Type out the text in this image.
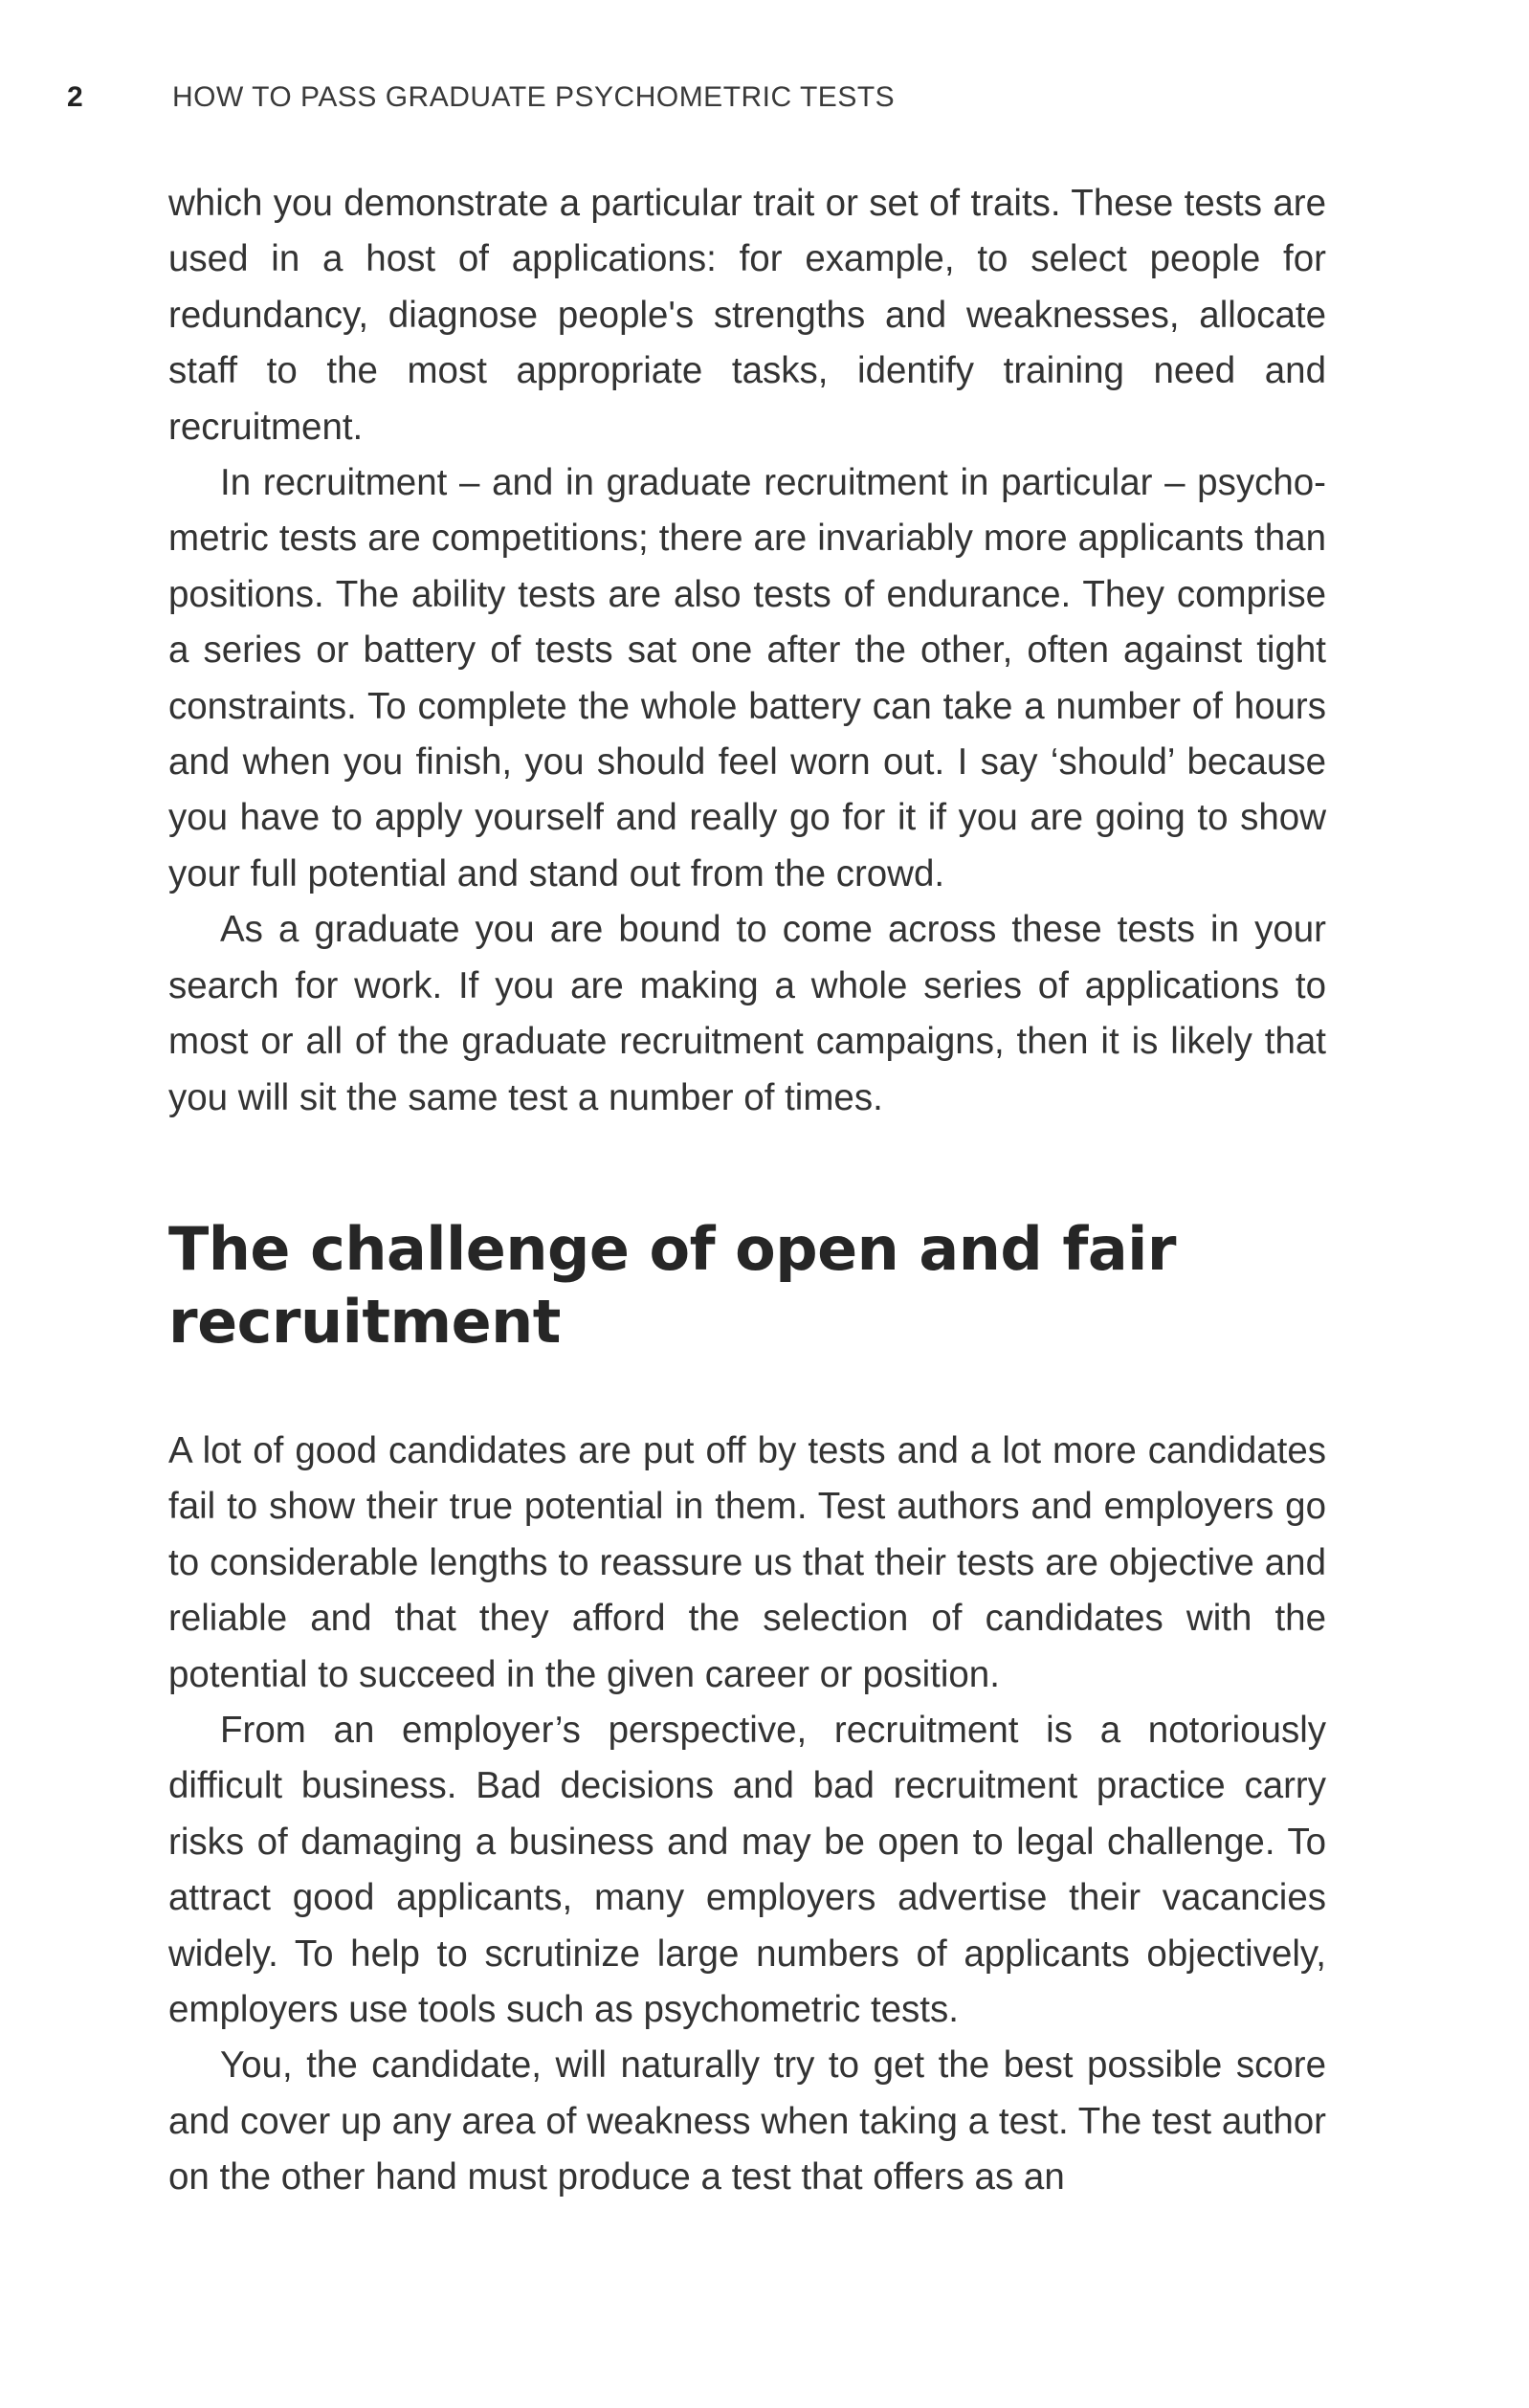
2	HOW TO PASS GRADUATE PSYCHOMETRIC TESTS

which you demonstrate a particular trait or set of traits. These tests are used in a host of applications: for example, to select people for redundancy, diagnose people's strengths and weaknesses, allocate staff to the most appropriate tasks, identify training need and recruitment.

In recruitment – and in graduate recruitment in particular – psychometric tests are competitions; there are invariably more applicants than positions. The ability tests are also tests of endurance. They comprise a series or battery of tests sat one after the other, often against tight constraints. To complete the whole battery can take a number of hours and when you finish, you should feel worn out. I say ‘should’ because you have to apply yourself and really go for it if you are going to show your full potential and stand out from the crowd.

As a graduate you are bound to come across these tests in your search for work. If you are making a whole series of applications to most or all of the graduate recruitment campaigns, then it is likely that you will sit the same test a number of times.

The challenge of open and fair recruitment

A lot of good candidates are put off by tests and a lot more candidates fail to show their true potential in them. Test authors and employers go to considerable lengths to reassure us that their tests are objective and reliable and that they afford the selection of candidates with the potential to succeed in the given career or position.

From an employer’s perspective, recruitment is a notoriously difficult business. Bad decisions and bad recruitment practice carry risks of damaging a business and may be open to legal challenge. To attract good applicants, many employers advertise their vacancies widely. To help to scrutinize large numbers of applicants objectively, employers use tools such as psychometric tests.

You, the candidate, will naturally try to get the best possible score and cover up any area of weakness when taking a test. The test author on the other hand must produce a test that offers as an
